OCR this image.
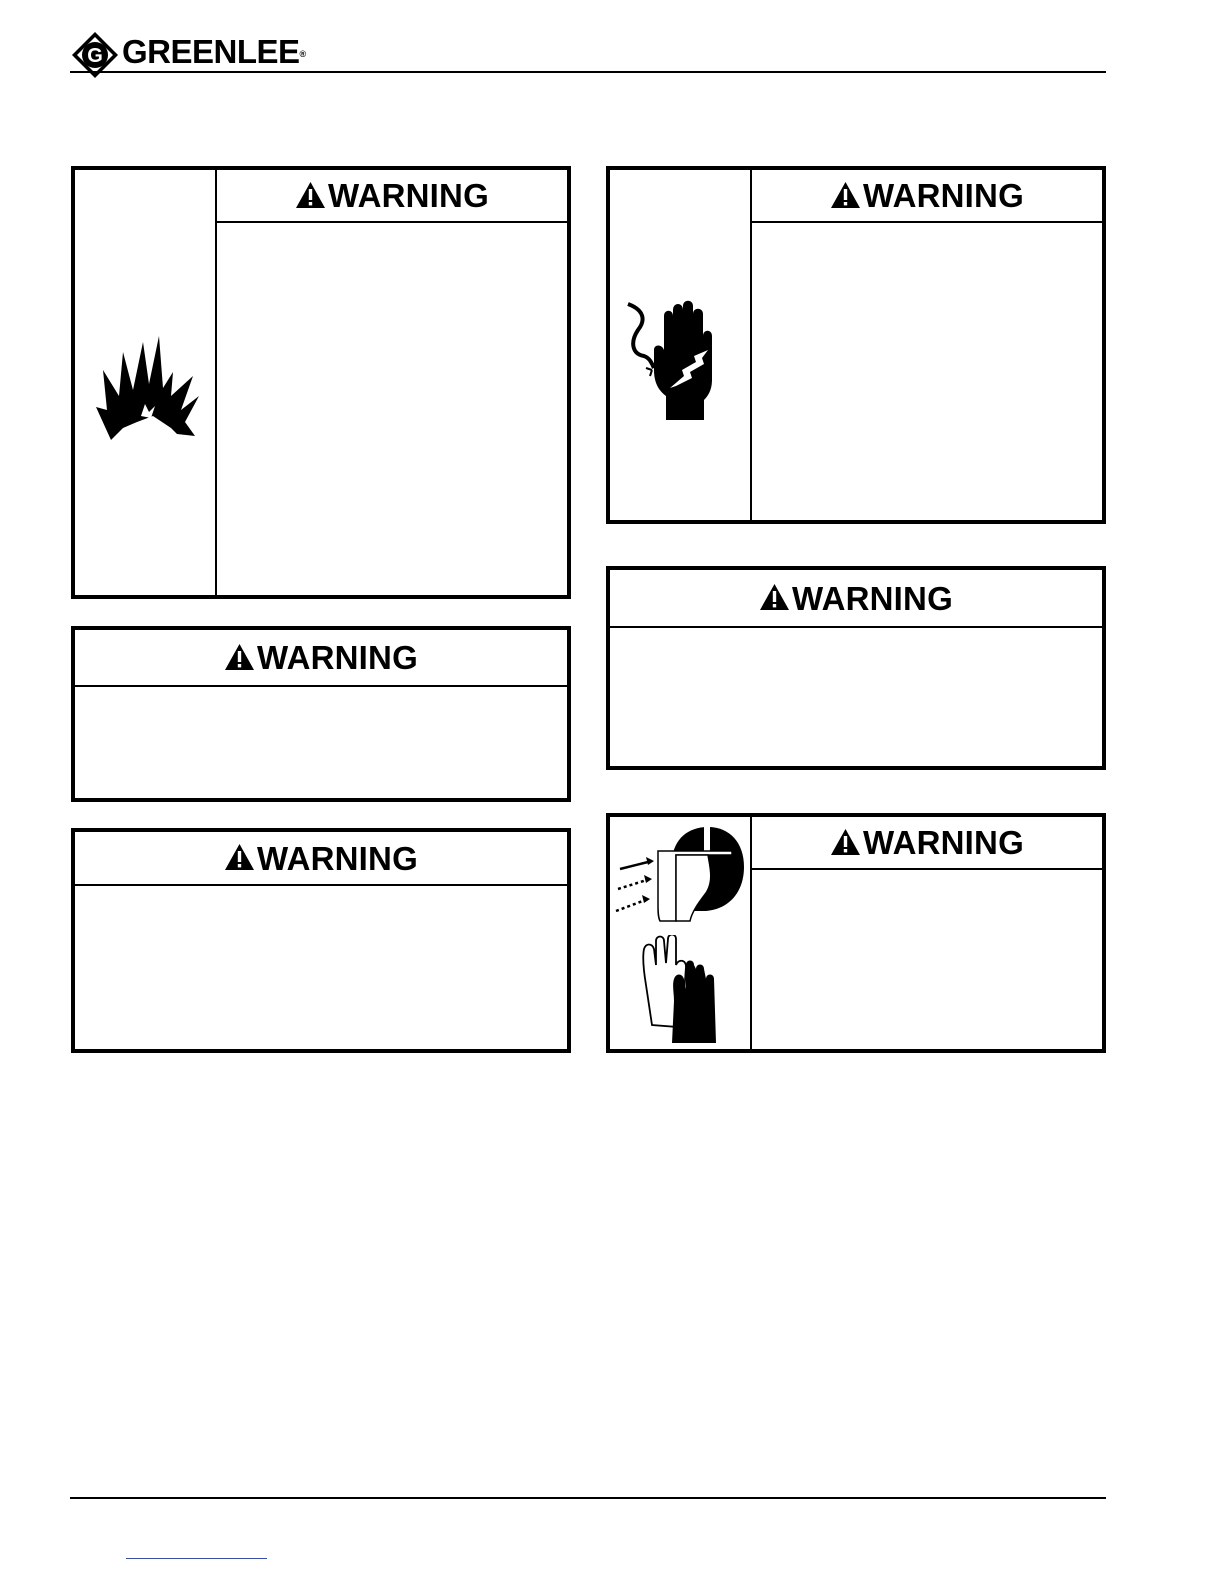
G GREENLEE®
WARNING	WARNING
WARNING
WARNING
WARNING	WARNING
